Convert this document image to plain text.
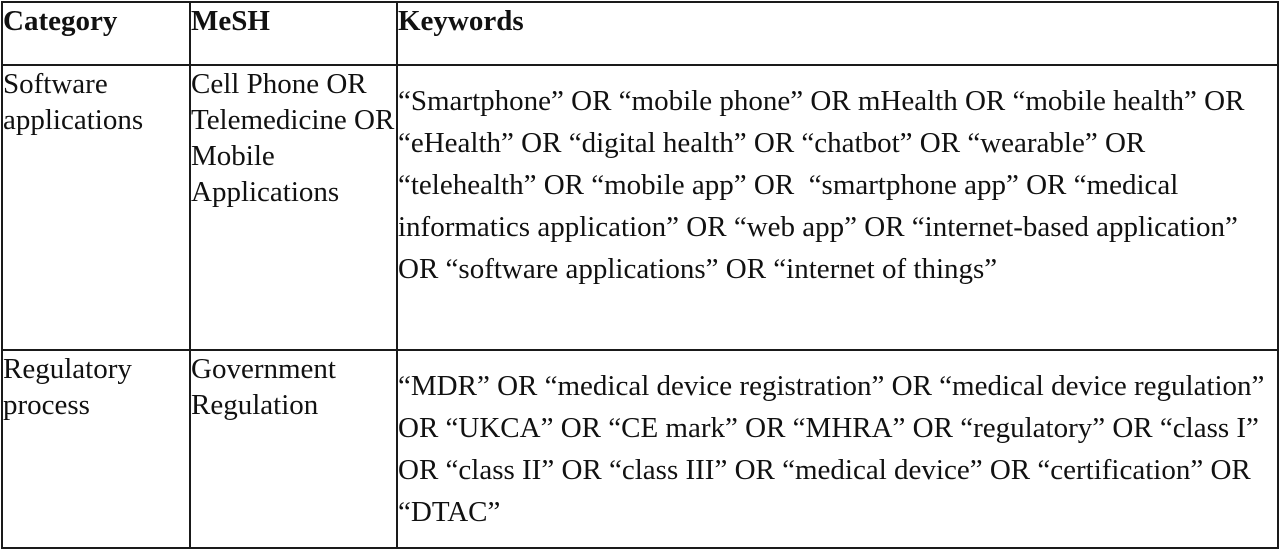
Category	MeSH	Keywords

Software applications	Cell Phone OR Telemedicine OR Mobile Applications	“Smartphone” OR “mobile phone” OR mHealth OR “mobile health” OR “eHealth” OR “digital health” OR “chatbot” OR “wearable” OR “telehealth” OR “mobile app” OR  “smartphone app” OR “medical informatics application” OR “web app” OR “internet-based application” OR “software applications” OR “internet of things”

Regulatory process	Government Regulation	“MDR” OR “medical device registration” OR “medical device regulation” OR “UKCA” OR “CE mark” OR “MHRA” OR “regulatory” OR “class I” OR “class II” OR “class III” OR “medical device” OR “certification” OR “DTAC”
